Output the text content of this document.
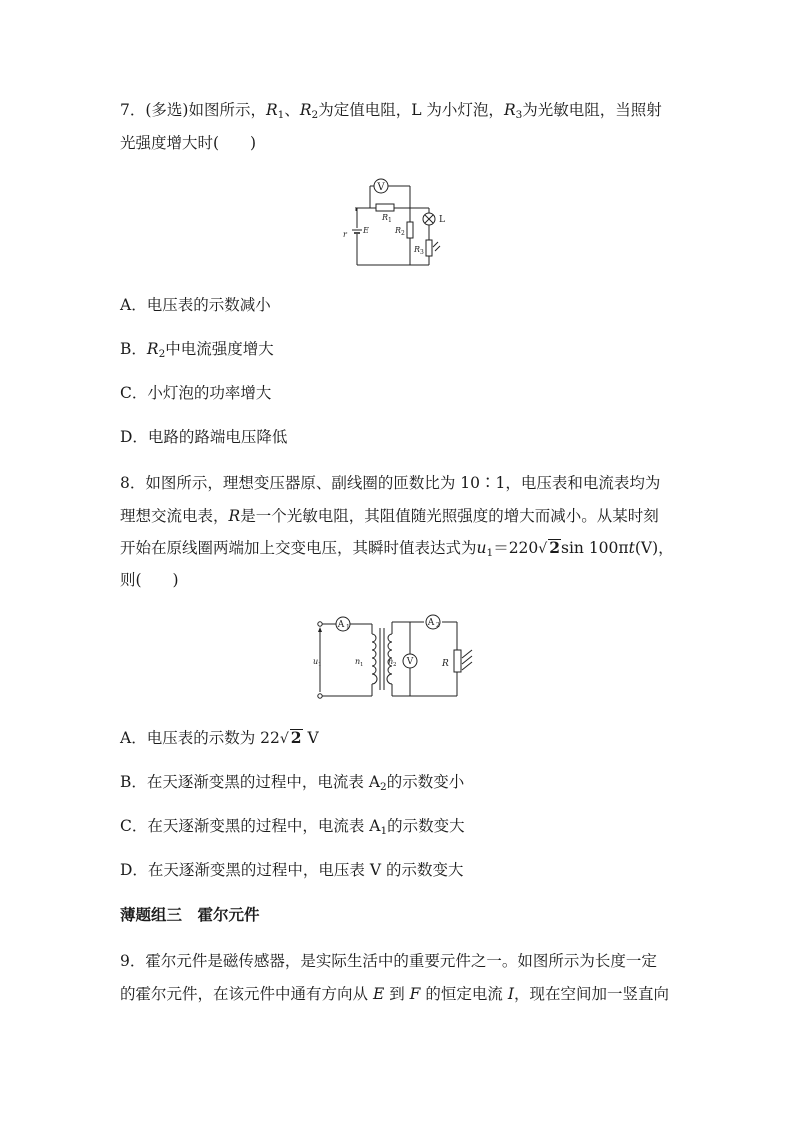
7．(多选)如图所示，$R_1$、$R_2$为定值电阻，L 为小灯泡，$R_3$为光敏电阻，当照射
光强度增大时(　　)
V
R 1
r E	R 2
L
R 3
A．电压表的示数减小
B．$R_2$中电流强度增大
C．小灯泡的功率增大
D．电路的路端电压降低
8．如图所示，理想变压器原、副线圈的匝数比为 10∶1，电压表和电流表均为
理想交流电表，R是一个光敏电阻，其阻值随光照强度的增大而减小。从某时刻
开始在原线圈两端加上交变电压，其瞬时值表达式为$u_1=220√$ 2sin 100πt(V)，
则(　　)
A 1	A 2
V	R
u 1	n 1	n 2
A．电压表的示数为 22√ 2 V
B．在天逐渐变黑的过程中，电流表 $A_2$的示数变小
C．在天逐渐变黑的过程中，电流表 $A_1$的示数变大
D．在天逐渐变黑的过程中，电压表 V 的示数变大
薄题组三　霍尔元件
9．霍尔元件是磁传感器，是实际生活中的重要元件之一。如图所示为长度一定
的霍尔元件，在该元件中通有方向从 E 到 F 的恒定电流 I，现在空间加一竖直向
